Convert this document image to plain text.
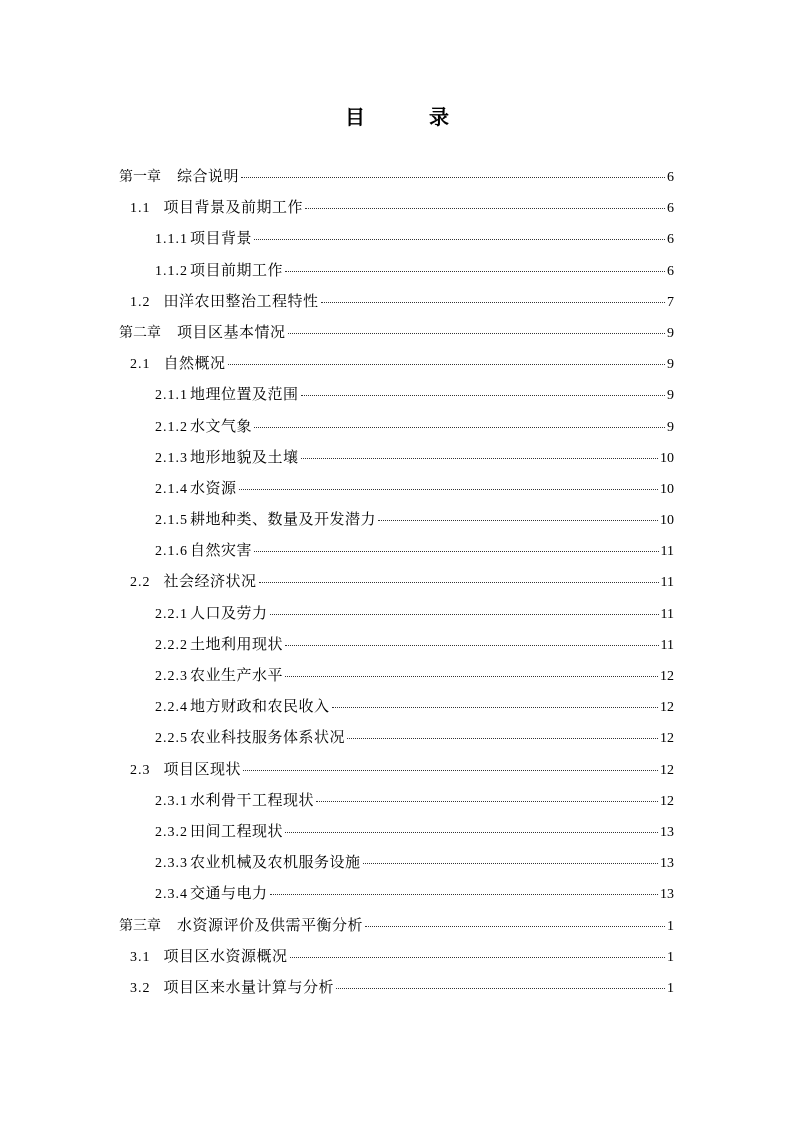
目　录
第一章 综合说明	6
1.1 项目背景及前期工作	6
1.1.1 项目背景	6
1.1.2 项目前期工作	6
1.2 田洋农田整治工程特性	7
第二章 项目区基本情况	9
2.1 自然概况	9
2.1.1 地理位置及范围	9
2.1.2 水文气象	9
2.1.3 地形地貌及土壤	10
2.1.4 水资源	10
2.1.5 耕地种类、数量及开发潜力	10
2.1.6 自然灾害	11
2.2 社会经济状况	11
2.2.1 人口及劳力	11
2.2.2 土地利用现状	11
2.2.3 农业生产水平	12
2.2.4 地方财政和农民收入	12
2.2.5 农业科技服务体系状况	12
2.3 项目区现状	12
2.3.1 水利骨干工程现状	12
2.3.2 田间工程现状	13
2.3.3 农业机械及农机服务设施	13
2.3.4 交通与电力	13
第三章 水资源评价及供需平衡分析	1
3.1 项目区水资源概况	1
3.2 项目区来水量计算与分析	1
